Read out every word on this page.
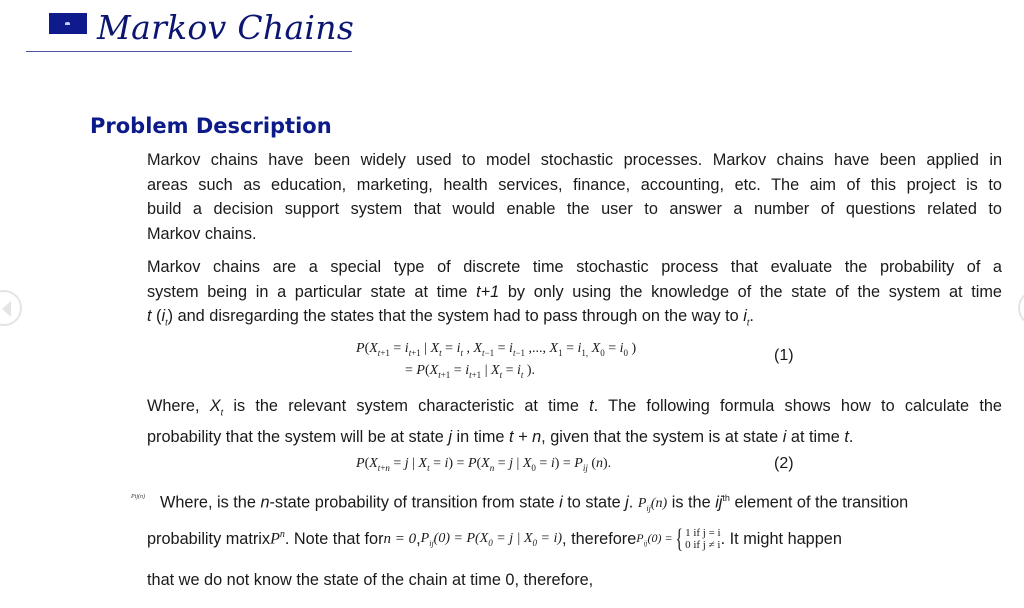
Markov Chains
Problem Description
Markov chains have been widely used to model stochastic processes. Markov chains have been applied in
areas such as education, marketing, health services, finance, accounting, etc. The aim of this project is to
build a decision support system that would enable the user to answer a number of questions related to
Markov chains.
Markov chains are a special type of discrete time stochastic process that evaluate the probability of a
system being in a particular state at time t+1 by only using the knowledge of the state of the system at time
t $(i_t)$ and disregarding the states that the system had to pass through on the way to $i_t$.
$P(X_{t+1} = i_{t+1}$ | $X_t = i_t$ , $X_{t-1} = i_{t-1}$ ,..., $X_1 = i_{1,}$ $X_0 = i_0$ )
= $P(X_{t+1} = i_{t+1}$ | $X_t = i_t$ ).
(1)
Where, $X_t$ is the relevant system characteristic at time t. The following formula shows how to calculate the
probability that the system will be at state j in time t + n, given that the system is at state i at time t.
$P(X_{t+n} = j$ | $X_t = i) = P(X_n = j$ | $X_0 = i) = P_{ij}$ (n).	(2)
Pij(n) Where, is the n-state probability of transition from state i to state j. $P_{ij}(n)$ is the $ij^{th}$ element of the transition
probability matrix $P^n$ . Note that for n = 0 , $P_{ij}(0) = P(X_0 = j$ | $X_0 = i$) , therefore $P_{ij}(0)$ = { 1 if j = i
0 if j ≠ i . It might happen
that we do not know the state of the chain at time 0, therefore,
